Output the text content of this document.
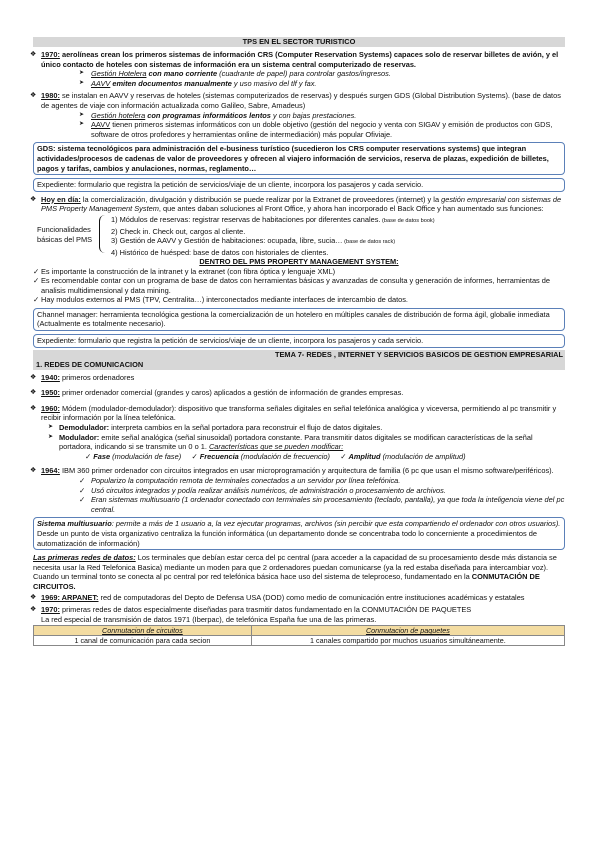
TPS EN EL SECTOR TURISTICO
❖ 1970: aerolíneas crean los primeros sistemas de información CRS (Computer Reservation Systems) capaces solo de reservar billetes de avión, y el único contacto de hoteles con sistemas de información era un sistema central computerizado de reservas.

➤ Gestión Hotelera con mano corriente (cuadrante de papel) para controlar gastos/ingresos.
➤ AAVV emiten documentos manualmente y uso masivo del tlf y fax.
❖ 1980: se instalan en AAVV y reservas de hoteles (sistemas computerizados de reservas) y después surgen GDS (Global Distribution Systems). (base de datos de agentes de viaje con información actualizada como Galileo, Sabre, Amadeus)

➤ Gestión hotelera con programas informáticos lentos y con bajas prestaciones.
➤ AAVV tienen primeros sistemas informáticos con un doble objetivo (gestión del negocio y venta con SIGAV y emisión de productos con GDS, software de otros profedores y herramientas online de intermediación) más popular Ofiviaje.

GDS: sistema tecnológicos para administración del e-business turístico (sucedieron los CRS computer reservations systems) que integran actividades/procesos de cadenas de valor de proveedores y ofrecen al viajero información de servicios, reserva de plazas, expedición de billetes, pagos y tarifas, cambios y anulaciones, normas, reglamento…

Expediente: formulario que registra la petición de servicios/viaje de un cliente, incorpora los pasajeros y cada servicio.

❖ Hoy en día: la comercialización, divulgación y distribución se puede realizar por la Extranet de proveedores (internet) y la gestión empresarial con sistemas de PMS Property Management System, que antes daban soluciones al Front Office, y ahora han incorporado el Back Office y han aumentado sus funciones:

Funcionalidades básicas del PMS

1) Módulos de reservas: registrar reservas de habitaciones por diferentes canales. (base de datos book)

2) Check in. Check out, cargos al cliente.

3) Gestión de AAVV y Gestión de habitaciones: ocupada, libre, sucia… (base de datos rack)

4) Histórico de huésped: base de datos con historiales de clientes.

DENTRO DEL PMS PROPERTY MANAGEMENT SYSTEM:
✓ Es importante la construcción de la intranet y la extranet (con fibra óptica y lenguaje XML)
✓ Es recomendable contar con un programa de base de datos con herramientas básicas y avanzadas de consulta y generación de informes, herramientas de analisis multidimensional y data mining.
✓ Hay modulos externos al PMS (TPV, Centralita…) interconectados mediante interfaces de intercambio de datos.

Channel manager: herramienta tecnológica gestiona la comercialización de un hotelero en múltiples canales de distribución de forma ágil, globalie inmediata (Actualmente es totalmente necesario).

Expediente: formulario que registra la petición de servicios/viaje de un cliente, incorpora los pasajeros y cada servicio.

TEMA 7- REDES , INTERNET Y SERVICIOS BASICOS DE GESTION EMPRESARIAL
1. REDES DE COMUNICACION
❖ 1940: primeros ordenadores

❖ 1950: primer ordenador comercial (grandes y caros) aplicados a gestión de información de grandes empresas.

❖ 1960: Módem (modulador-demodulador): dispositivo que transforma señales digitales en señal telefónica analógica y viceversa, permitiendo al pc transmitir y recibir información por la línea telefónica.

➤ Demodulador: interpreta cambios en la señal portadora para reconstruir el flujo de datos digitales.
➤ Modulador: emite señal analógica (señal sinusoidal) portadora constante. Para transmitir datos digitales se modifican características de la señal portadora, indicando si se transmite un 0 o 1. Características que se pueden modificar:
✓ Fase (modulación de fase) ✓ Frecuencia (modulación de frecuencio) ✓ Amplitud (modulación de amplitud)
❖ 1964: IBM 360 primer ordenador con circuitos integrados en usar microprogramación y arquitectura de familia (6 pc que usan el mismo software/periféricos).

✓ Popularizo la computación remota de terminales conectados a un servidor por línea telefónica.
✓ Usó circuitos integrados y podía realizar análisis numéricos, de administración o procesamiento de archivos.
✓ Eran sistemas multiusuario (1 ordenador conectado con terminales sin procesamiento (teclado, pantalla), ya que toda la inteligencia viene del pc central.

Sistema multiusuario: permite a más de 1 usuario a, la vez ejecutar programas, archivos (sin percibir que esta compartiendo el ordenador con otros usuarios). Desde un punto de vista organizativo centraliza la función informática (un departamento donde se concentraba todo lo concerniente a procedimientos de automatización de información)

Las primeras redes de datos: Los terminales que debían estar cerca del pc central (para acceder a la capacidad de su procesamiento desde más distancia se necesita usar la Red Telefonica Basica) mediante un moden para que 2 ordenadores puedan comunicarse (ya la red estaba diseñada para intercambiar voz). Cuando un terminal tonto se conecta al pc central por red telefónica básica hace uso del sistema de teleproceso, fundamentado en la CONMUTACIÓN DE CIRCUITOS.

❖ 1969: ARPANET: red de computadoras del Depto de Defensa USA (DOD) como medio de comunicación entre instituciones académicas y estatales

❖ 1970: primeras redes de datos especialmente diseñadas para trasmitir datos fundamentado en la CONMUTACIÓN DE PAQUETES

La red especial de transmisión de datos 1971 (Iberpac), de telefónica España fue una de las primeras.

Conmutacion de circuitos	Conmutacion de paquetes
1 canal de comunicación para cada secion	1 canales compartido por muchos usuarios simultáneamente.
